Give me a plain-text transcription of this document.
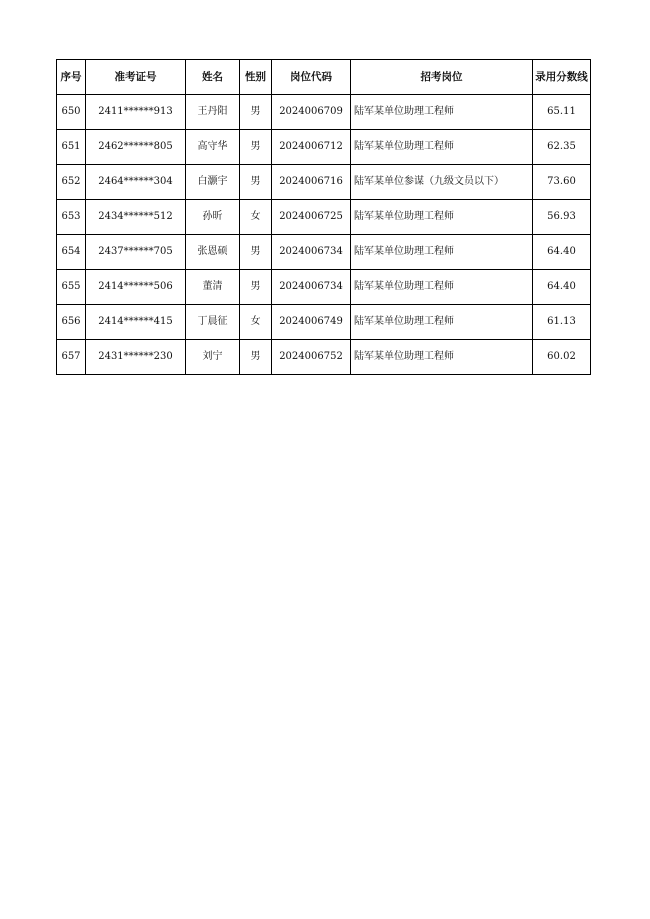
序号	准考证号	姓名	性别	岗位代码	招考岗位	录用分数线
650	2411******913	王丹阳	男	2024006709	陆军某单位助理工程师	65.11
651	2462******805	高守华	男	2024006712	陆军某单位助理工程师	62.35
652	2464******304	白灏宇	男	2024006716	陆军某单位参谋（九级文员以下）	73.60
653	2434******512	孙昕	女	2024006725	陆军某单位助理工程师	56.93
654	2437******705	张恩硕	男	2024006734	陆军某单位助理工程师	64.40
655	2414******506	董清	男	2024006734	陆军某单位助理工程师	64.40
656	2414******415	丁晨征	女	2024006749	陆军某单位助理工程师	61.13
657	2431******230	刘宁	男	2024006752	陆军某单位助理工程师	60.02
